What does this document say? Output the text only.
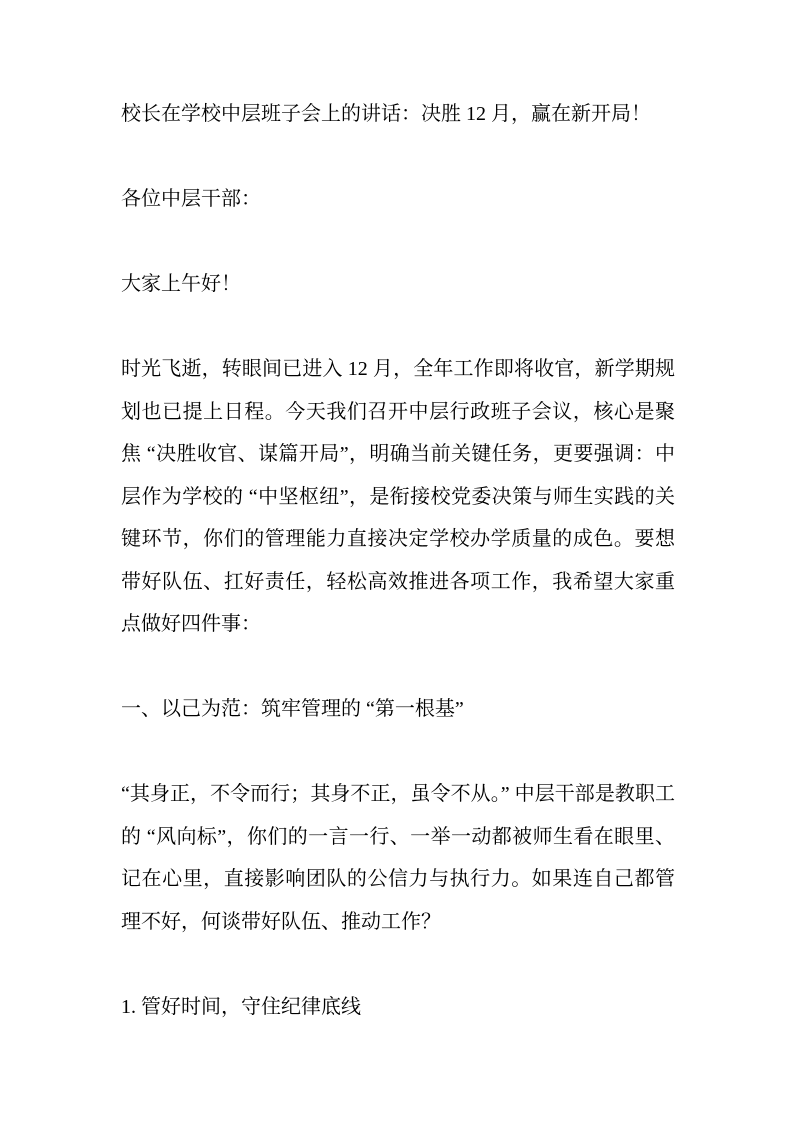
校长在学校中层班子会上的讲话：决胜 12 月，赢在新开局！

各位中层干部：

大家上午好！

时光飞逝，转眼间已进入 12 月，全年工作即将收官，新学期规划也已提上日程。今天我们召开中层行政班子会议，核心是聚焦 “决胜收官、谋篇开局”，明确当前关键任务，更要强调：中层作为学校的 “中坚枢纽”，是衔接校党委决策与师生实践的关键环节，你们的管理能力直接决定学校办学质量的成色。要想带好队伍、扛好责任，轻松高效推进各项工作，我希望大家重点做好四件事：

一、以己为范：筑牢管理的 “第一根基”

“其身正，不令而行；其身不正，虽令不从。” 中层干部是教职工的 “风向标”，你们的一言一行、一举一动都被师生看在眼里、记在心里，直接影响团队的公信力与执行力。如果连自己都管理不好，何谈带好队伍、推动工作？

1. 管好时间，守住纪律底线
